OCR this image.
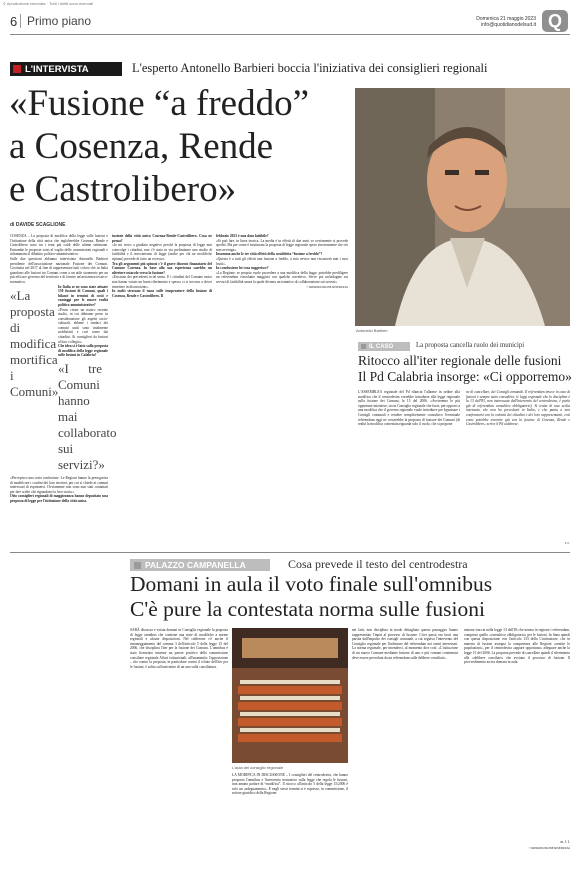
© riproduzione riservata · Tutti i diritti sono riservati
6 Primo piano	Domenica 21 maggio 2023
info@quotidianodelsud.it Q
L'INTERVISTA	L'esperto Antonello Barbieri boccia l'iniziativa dei consiglieri regionali
«Fusione “a freddo”
a Cosenza, Rende
e Castrolibero»
Antonello Barbieri
di DAVIDE SCAGLIONE

COSENZA – La proposta di modifica della legge sulle fusioni e l'istituzione della città unica che ingloberebbe Cosenza, Rende e Castrolibero sono tra i temi più caldi delle ultime settimane. Entrambe le proposte sono al vaglio delle commissioni regionali e infiammano il dibattito politico-amministrativo.

Sulle due questioni abbiamo intervistato Antonello Barbieri presidente dell'associazione nazionale Fusione dei Comuni. Costituita nel 2017 al fine di rappresentare tutti coloro che in Italia guardano alle fusioni tra Comuni come a un utile strumento per un più efficace governo del territorio e di fornire un'assistenza tecnico-normativa.

«La proposta di modifica mortifica i Comuni»

In Italia se ne sono state attuate 130 fusioni di Comuni, quali i bilanci in termini di costi e vantaggi per le nuove realtà politico-amministrative?

«Posso citare un nostro recente studio, in cui abbiamo preso in considerazione gli aspetti socio-culturali, ebbene i sindaci dei comuni uniti sono totalmente soddisfatti e così come dai cittadini. Ai consiglieri da fusioni al loro collegio».

Che idea si è fatto sulla proposta di modifica della legge regionale sulle fusioni in Calabria?

«I tre Comuni hanno mai collaborato sui servizi?»

«Percepisco una certa confusione. Le Regioni hanno la prerogativa di modificare i confini dei loro territori, per cui si chiede ai comuni interessati di esprimersi. Ovviamente non sono mai stati contattati per fare scelte che riguardano la loro storia.»

Otto consiglieri regionali di maggioranza hanno depositato una proposta di legge per l'istituzione della città unica.

tuzione della città unica Cosenza-Rende-Castrolibero. Cosa ne pensa?

«Io mi trovo a giudizio negativo perché la proposta di legge non coinvolge i cittadini, non c'è stato in via preliminare uno studio di fattibilità e il meccanismo di legge (anche per chi ne modifiche ripiano) prevede di fatto un recesso».

Tra gli argomenti più spinosi c'è il grave dissesto finanziario del Comune Cosenza. In base alla sua esperienza sarebbe un ulteriore ostacolo verso la fusione?

«Esistono dei precedenti in tal senso. E i cittadini del Comune unico non hanno votato un buon riferimento e spesso ci si trovava a dover rimettere in discussione».

In molti sterzano il tasso sulle temperature della fusione di Cosenza, Rende e Castrolibero. Il

febbraio 2023 è una data fattibile?

«Si può fare, in linea teorica. La media è in effetti di due anni, se ovviamente si procede spediti. Ma per come è strutturata la proposta di legge regionale spero sinceramente che ciò non avvenga».

Insomma anche le tre città effetti della cosiddetta “fusione a freddo”?

«Questa è a tutti gli effetti una fusione a freddo, a mio avviso non riscuoterà mai i suoi frutti».

In conclusione lei cosa suggerisce?

«La Regione, se proprio vuole procedere a una modifica della legge, potrebbe prediligere un referendum vincolante maggiori con qualche correttivo. Serve poi un'indagine sui servizi di fattibilità senza la quale diventa un tentativo di collaborazione sui servizi».

© RIPRODUZIONE RISERVATA

IL CASO	La proposta cancella ruolo dei municipi
Ritocco all'iter regionale delle fusioni
Il Pd Calabria insorge: «Ci opporremo»
L'ASSEMBLEA regionale del Pd rilancia l'allarme in ordine alla modifica che il centrodestra vorrebbe introdurre alla legge regionale sulla fusione dei Comuni, la 15 del 2006. «Avvieremo le più opportune iniziative, sia in Consiglio regionale che fuori, per opporci a una modifica che il governo regionale vuole introdurre per bypassare i Consigli comunali e rendere semplicemente consultivo l'eventuale referendum oggi ne cesserebbe la proposta di fusione dei Comuni (di realtà la modifica contestata riguarda solo il ruolo, che si propone
ne di cancellare, dei Consigli comunali. Il referendum invece in caso di fusioni è sempre stato consultivo; le leggi regionale che lo disciplina è la 13 dell'83, non interessata dall'intervento del centrodestra, è parla già di referendum consultivo obbligatorio). Si tratta di una scelta insensata, che non ha precedenti in Italia, e che punta a non confrontarsi con la volontà dei cittadini e dei loro rappresentanti, così come potrebbe avvenire già con la fusione di Cosenza, Rende e Castrolibero» scrive il Pd calabrese.
r. c.
PALAZZO CAMPANELLA	Cosa prevede il testo del centrodestra
Domani in aula il voto finale sull'omnibus
C'è pure la contestata norma sulle fusioni
SARÀ discussa e votata domani in Consiglio regionale la proposta di legge omnibus che contiene una serie di modifiche a norme regionali e alcune disposizioni. Nel calderone c'è anche il rimaneggiamento del comma 3 dell'articolo 5 della legge 15 del 2006, che disciplina l'iter per la fusione dei Comuni. L'omnibus è stato licenziato insieme un parere positivo della commissione consiliare regionale Affari istituzionali, all'unanimità: l'opposizione – che contro la proposta, in particolare contro il rifiuto dell'iter per le fusioni, è salito sul baricentro di un uno sulla consiliatura.
L'aula del consiglio regionale
LA MODIFICA IN DISCUSSIONE – I consiglieri del centrodestra, che hanno proposto l'omnibus e l'intervento normativo sulla legge che regola le fusioni, non amano parlare di “modifica”. Il ritocco all'articolo 5 della legge 15/2006 è solo un «adeguamento». E negli stessi termini si è espresso, in commissione, il settore giuridico della Regione.
nei fatti, non disciplina in modo dettagliato questo passaggio: hanno rappresentato l'input al processo di fusione. L'iter passa ora fuori una partita dall'impulso dei consigli comunali, a cui seguiva l'intervento del Consiglio regionale per l'indizione del referendum nei centri interessati. La norma regionale, per intenderci, al momento dice così: «L'istituzione di un nuovo Comune mediante fusione di uno o più comuni contermini deve essere preceduta da un referendum sulle delibere consiliari».
nizione traccia nella legge 13 dell'83 che norma in regione i referendum, compreso quello «consultivo obbligatorio» per le fusioni. In linea quindi con questa disposizione con l'articolo 133 della Costituzione, che in materia di fusioni assegna la competenza alle Regioni «sentite le popolazioni», per il centrodestra «appare opportuno» adeguare anche la legge 15 del 2006. La proposta prevede di cancellare quindi il riferimento alle «delibere consiliari» che avviano il processo di fusione. Il provvedimento arriva domani in aula.
m. l. f.
© RIPRODUZIONE RISERVATA
